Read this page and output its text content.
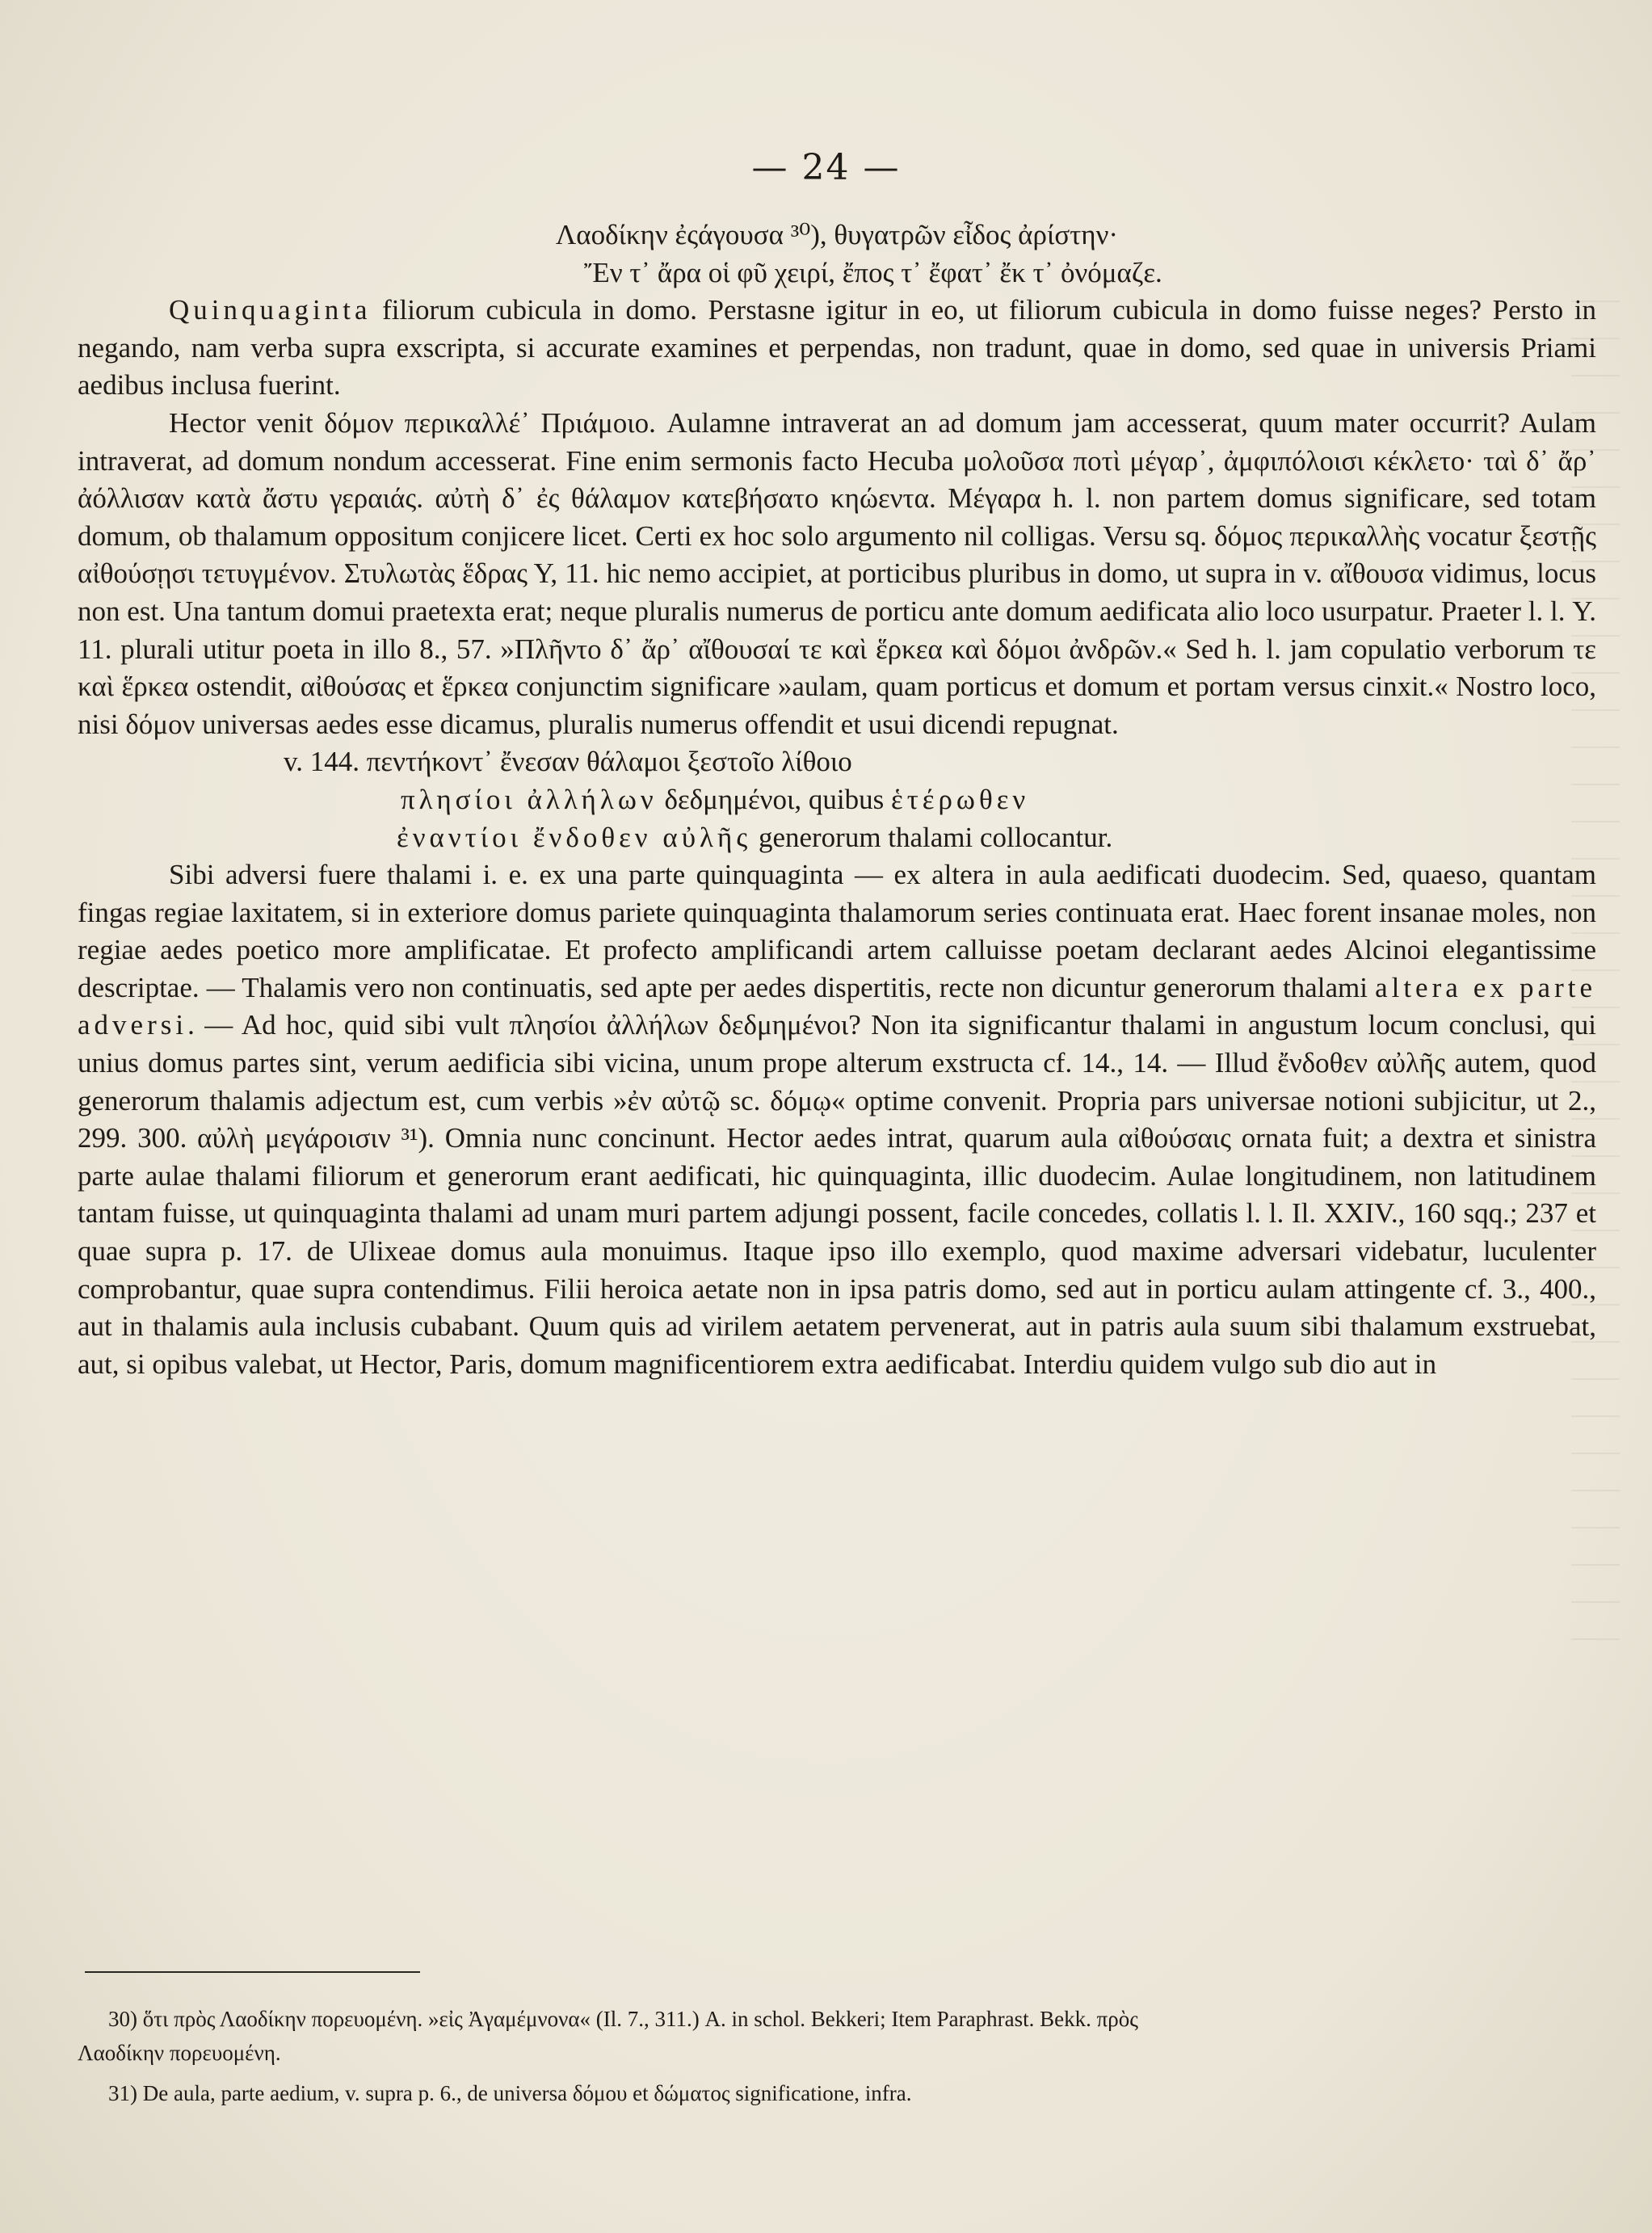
— 24 —
Λαοδίκην ἐςάγουσα ³⁰), θυγατρῶν εἶδος ἀρίστην·
Ἔν τ᾿ ἄρα οἱ φῦ χειρί, ἔπος τ᾿ ἔφατ᾿ ἔκ τ᾿ ὀνόμαζε.

Quinquaginta filiorum cubicula in domo. Perstasne igitur in eo, ut filiorum cubicula in domo fuisse neges? Persto in negando, nam verba supra exscripta, si accurate examines et perpendas, non tradunt, quae in domo, sed quae in universis Priami aedibus inclusa fuerint.

Hector venit δόμον περικαλλέ᾿ Πριάμοιο. Aulamne intraverat an ad domum jam accesserat, quum mater occurrit? Aulam intraverat, ad domum nondum accesserat. Fine enim sermonis facto Hecuba μολοῦσα ποτὶ μέγαρ᾿, ἀμφιπόλοισι κέκλετο· ταὶ δ᾿ ἄρ᾿ ἀόλλισαν κατὰ ἄστυ γεραιάς. αὐτὴ δ᾿ ἐς θάλαμον κατεβήσατο κηώεντα. Μέγαρα h. l. non partem domus significare, sed totam domum, ob thalamum oppositum conjicere licet. Certi ex hoc solo argumento nil colligas. Versu sq. δόμος περικαλλὴς vocatur ξεστῇς αἰθούσῃσι τετυγμένον. Στυλωτὰς ἕδρας Υ, 11. hic nemo accipiet, at porticibus pluribus in domo, ut supra in v. αἴθουσα vidimus, locus non est. Una tantum domui praetexta erat; neque pluralis numerus de porticu ante domum aedificata alio loco usurpatur. Praeter l. l. Υ. 11. plurali utitur poeta in illo 8., 57. »Πλῆντο δ᾿ ἄρ᾿ αἴθουσαί τε καὶ ἕρκεα καὶ δόμοι ἀνδρῶν.« Sed h. l. jam copulatio verborum τε καὶ ἕρκεα ostendit, αἰθούσας et ἕρκεα conjunctim significare »aulam, quam porticus et domum et portam versus cinxit.« Nostro loco, nisi δόμον universas aedes esse dicamus, pluralis numerus offendit et usui dicendi repugnat.

v. 144. πεντήκοντ᾿ ἔνεσαν θάλαμοι ξεστοῖο λίθοιο
πλησίοι ἀλλήλων δεδμημένοι, quibus ἑτέρωθεν
ἐναντίοι ἔνδοθεν αὐλῆς generorum thalami collocantur.

Sibi adversi fuere thalami i. e. ex una parte quinquaginta — ex altera in aula aedificati duodecim. Sed, quaeso, quantam fingas regiae laxitatem, si in exteriore domus pariete quinquaginta thalamorum series continuata erat. Haec forent insanae moles, non regiae aedes poetico more amplificatae. Et profecto amplificandi artem calluisse poetam declarant aedes Alcinoi elegantissime descriptae. — Thalamis vero non continuatis, sed apte per aedes dispertitis, recte non dicuntur generorum thalami altera ex parte adversi. — Ad hoc, quid sibi vult πλησίοι ἀλλήλων δεδμημένοι? Non ita significantur thalami in angustum locum conclusi, qui unius domus partes sint, verum aedificia sibi vicina, unum prope alterum exstructa cf. 14., 14. — Illud ἔνδοθεν αὐλῆς autem, quod generorum thalamis adjectum est, cum verbis »ἐν αὐτῷ sc. δόμῳ« optime convenit. Propria pars universae notioni subjicitur, ut 2., 299. 300. αὐλὴ μεγάροισιν ³¹). Omnia nunc concinunt. Hector aedes intrat, quarum aula αἰθούσαις ornata fuit; a dextra et sinistra parte aulae thalami filiorum et generorum erant aedificati, hic quinquaginta, illic duodecim. Aulae longitudinem, non latitudinem tantam fuisse, ut quinquaginta thalami ad unam muri partem adjungi possent, facile concedes, collatis l. l. Il. XXIV., 160 sqq.; 237 et quae supra p. 17. de Ulixeae domus aula monuimus. Itaque ipso illo exemplo, quod maxime adversari videbatur, luculenter comprobantur, quae supra contendimus. Filii heroica aetate non in ipsa patris domo, sed aut in porticu aulam attingente cf. 3., 400., aut in thalamis aula inclusis cubabant. Quum quis ad virilem aetatem pervenerat, aut in patris aula suum sibi thalamum exstruebat, aut, si opibus valebat, ut Hector, Paris, domum magnificentiorem extra aedificabat. Interdiu quidem vulgo sub dio aut in

30) ὅτι πρὸς Λαοδίκην πορευομένη. »εἰς Ἀγαμέμνονα« (Il. 7., 311.) A. in schol. Bekkeri; Item Paraphrast. Bekk. πρὸς
Λαοδίκην πορευομένη.

31) De aula, parte aedium, v. supra p. 6., de universa δόμου et δώματος significatione, infra.
